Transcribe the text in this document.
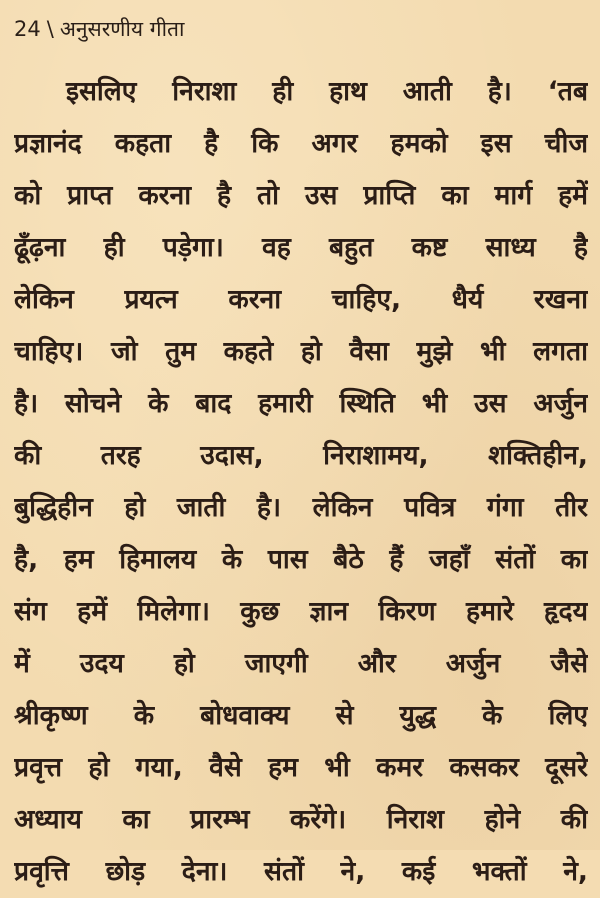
24 \ अनुसरणीय गीता
इसलिए निराशा ही हाथ आती है। ‘तब
प्रज्ञानंद कहता है कि अगर हमको इस चीज
को प्राप्त करना है तो उस प्राप्ति का मार्ग हमें
ढूँढ़ना ही पड़ेगा। वह बहुत कष्ट साध्य है
लेकिन प्रयत्न करना चाहिए, धैर्य रखना
चाहिए। जो तुम कहते हो वैसा मुझे भी लगता
है। सोचने के बाद हमारी स्थिति भी उस अर्जुन
की तरह उदास, निराशामय, शक्तिहीन,
बुद्धिहीन हो जाती है। लेकिन पवित्र गंगा तीर
है, हम हिमालय के पास बैठे हैं जहाँ संतों का
संग हमें मिलेगा। कुछ ज्ञान किरण हमारे हृदय
में उदय हो जाएगी और अर्जुन जैसे
श्रीकृष्ण के बोधवाक्य से युद्ध के लिए
प्रवृत्त हो गया, वैसे हम भी कमर कसकर दूसरे
अध्याय का प्रारम्भ करेंगे। निराश होने की
प्रवृत्ति छोड़ देना। संतों ने, कई भक्तों ने,
